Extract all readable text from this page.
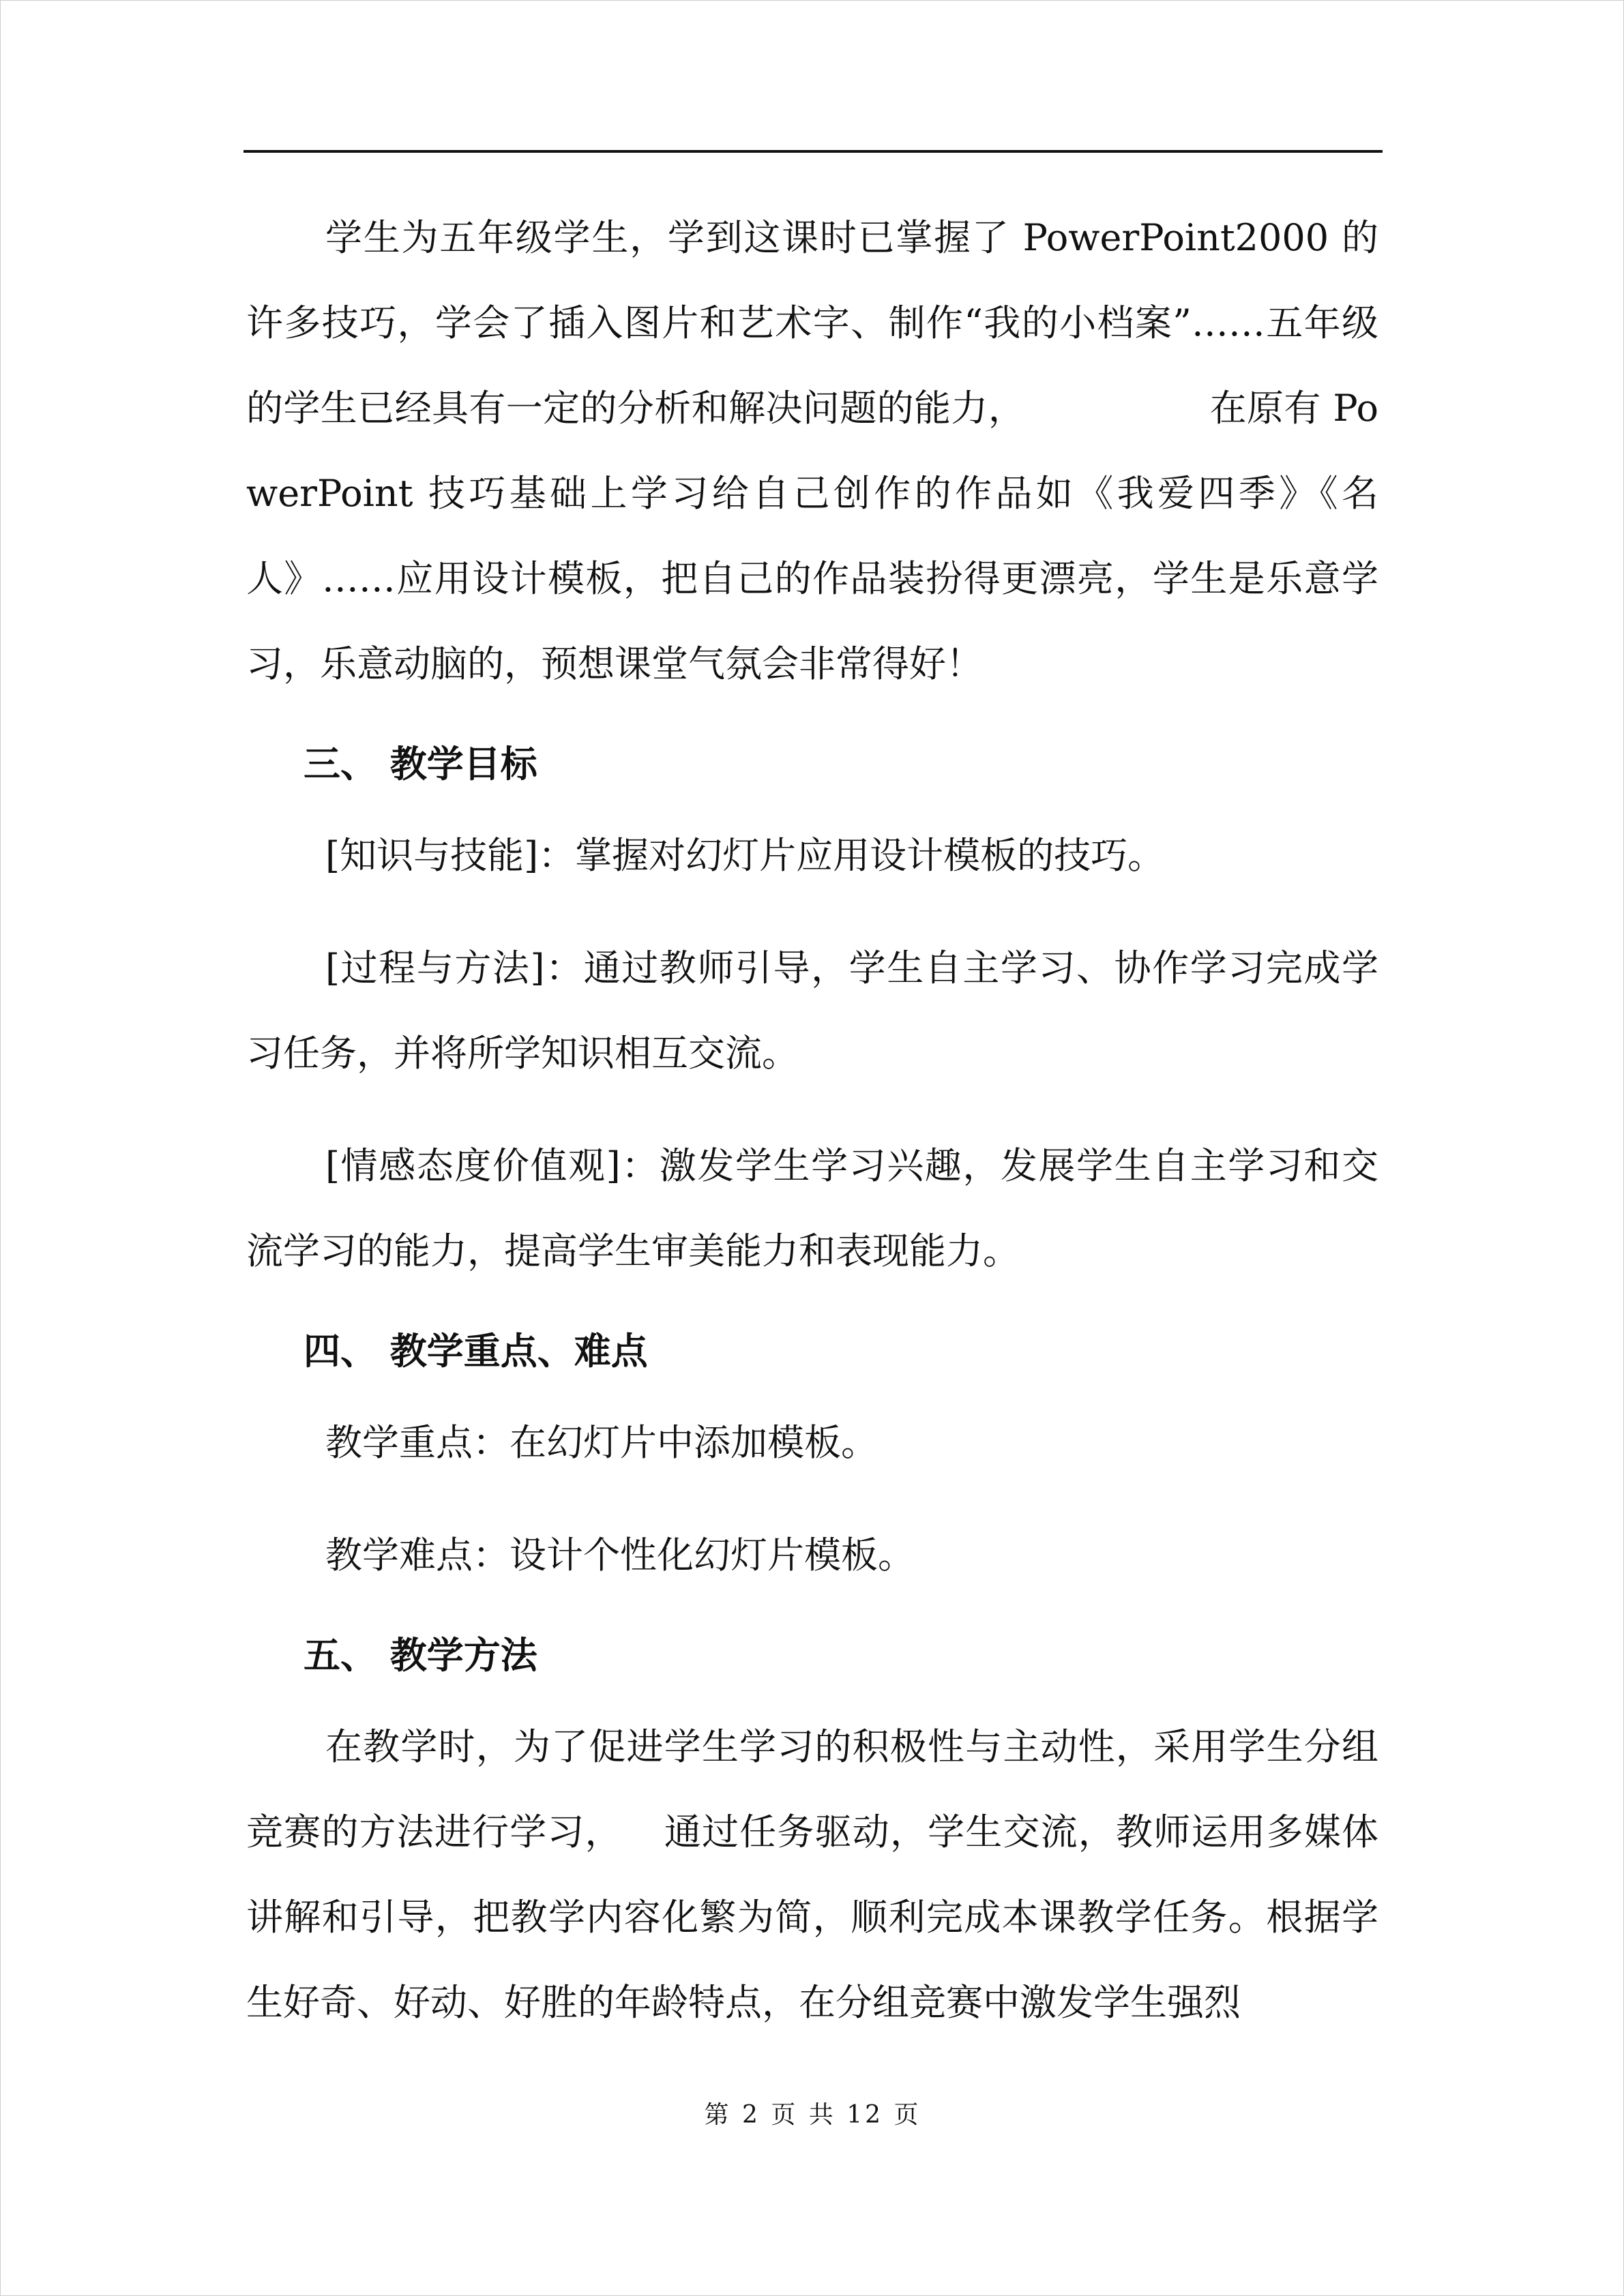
学生为五年级学生，学到这课时已掌握了 PowerPoint2000 的许多技巧，学会了插入图片和艺术字、制作“我的小档案”……五年级的学生已经具有一定的分析和解决问题的能力，	在原有 PowerPoint 技巧基础上学习给自己创作的作品如《我爱四季》《名人》……应用设计模板，把自己的作品装扮得更漂亮，学生是乐意学习，乐意动脑的，预想课堂气氛会非常得好！

三、 教学目标

[知识与技能]：掌握对幻灯片应用设计模板的技巧。

[过程与方法]：通过教师引导，学生自主学习、协作学习完成学习任务，并将所学知识相互交流。

[情感态度价值观]：激发学生学习兴趣，发展学生自主学习和交流学习的能力，提高学生审美能力和表现能力。

四、 教学重点、难点

教学重点：在幻灯片中添加模板。

教学难点：设计个性化幻灯片模板。

五、 教学方法

在教学时，为了促进学生学习的积极性与主动性，采用学生分组竞赛的方法进行学习， 通过任务驱动，学生交流，教师运用多媒体讲解和引导，把教学内容化繁为简，顺利完成本课教学任务。根据学生好奇、好动、好胜的年龄特点，在分组竞赛中激发学生强烈

第 2 页 共 12 页
